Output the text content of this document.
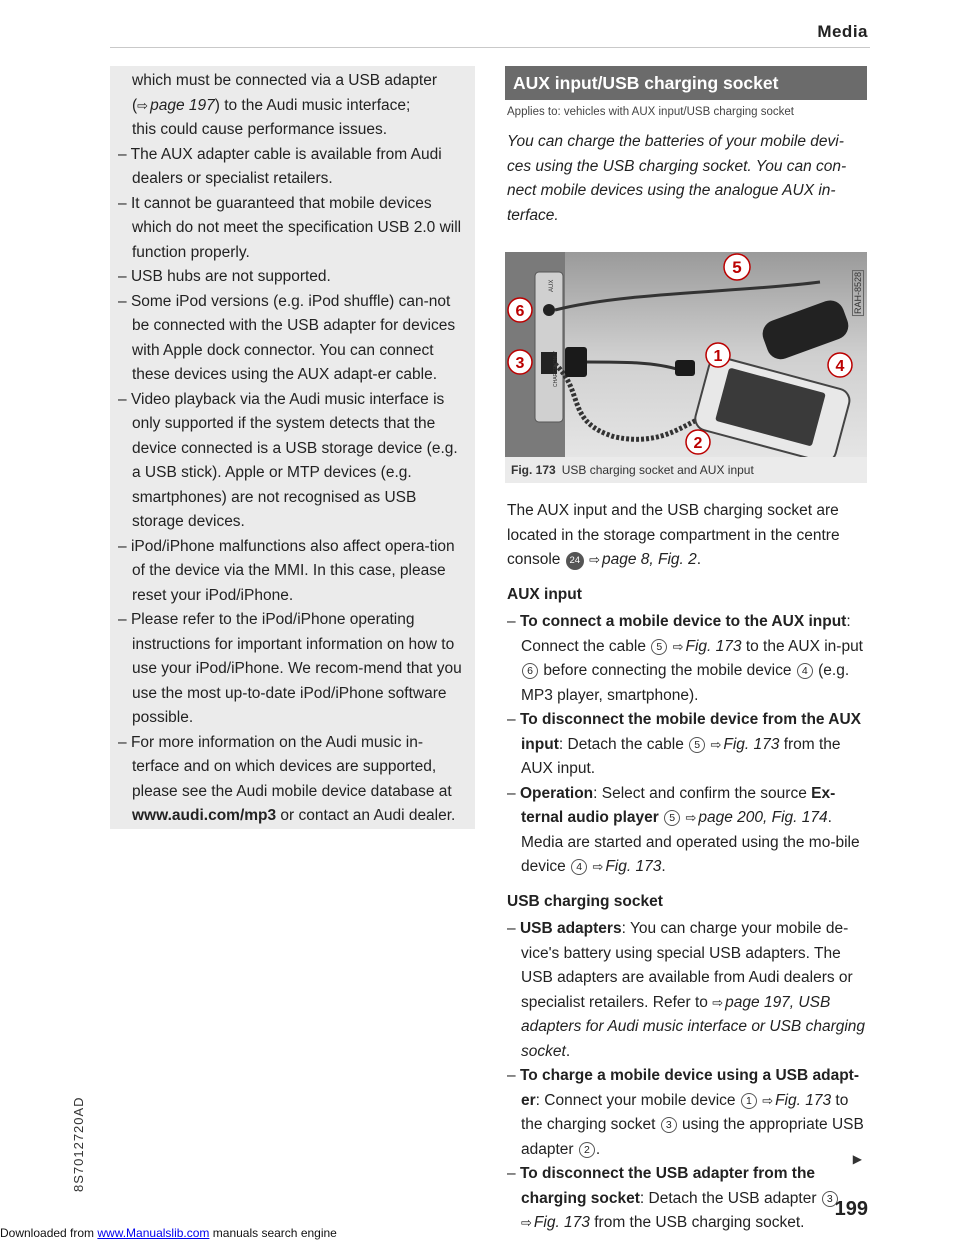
Media
8S7012720AD

which must be connected via a USB adapter
(⇨ page 197) to the Audi music interface;
this could cause performance issues.

– The AUX adapter cable is available from Audi dealers or specialist retailers.

– It cannot be guaranteed that mobile devices which do not meet the specification USB 2.0 will function properly.

– USB hubs are not supported.

– Some iPod versions (e.g. iPod shuffle) can-not be connected with the USB adapter for devices with Apple dock connector. You can connect these devices using the AUX adapt-er cable.

– Video playback via the Audi music interface is only supported if the system detects that the device connected is a USB storage device (e.g. a USB stick). Apple or MTP devices (e.g. smartphones) are not recognised as USB storage devices.

– iPod/iPhone malfunctions also affect opera-tion of the device via the MMI. In this case, please reset your iPod/iPhone.

– Please refer to the iPod/iPhone operating instructions for important information on how to use your iPod/iPhone. We recom-mend that you use the most up-to-date iPod/iPhone software possible.

– For more information on the Audi music in-terface and on which devices are supported, please see the Audi mobile device database at www.audi.com/mp3 or contact an Audi dealer.

AUX input/USB charging socket
Applies to: vehicles with AUX input/USB charging socket
You can charge the batteries of your mobile devi-ces using the USB charging socket. You can con-nect mobile devices using the analogue AUX in-terface.
AUX
CHARGE ONLY
5
6
3	1
4
2
RAH-8528
Fig. 173 USB charging socket and AUX input

The AUX input and the USB charging socket are located in the storage compartment in the centre console 24 ⇨ page 8, Fig. 2.

AUX input

– To connect a mobile device to the AUX input: Connect the cable 5 ⇨ Fig. 173 to the AUX in-put 6 before connecting the mobile device 4 (e.g. MP3 player, smartphone).

– To disconnect the mobile device from the AUX input: Detach the cable 5 ⇨ Fig. 173 from the AUX input.

– Operation: Select and confirm the source Ex-ternal audio player 5 ⇨ page 200, Fig. 174. Media are started and operated using the mo-bile device 4 ⇨ Fig. 173.

USB charging socket

– USB adapters: You can charge your mobile de-vice's battery using special USB adapters. The USB adapters are available from Audi dealers or specialist retailers. Refer to ⇨ page 197, USB adapters for Audi music interface or USB charging socket.

– To charge a mobile device using a USB adapt-er: Connect your mobile device 1 ⇨ Fig. 173 to the charging socket 3 using the appropriate USB adapter 2 .

– To disconnect the USB adapter from the charging socket: Detach the USB adapter 3 ⇨ Fig. 173 from the USB charging socket.

▶
199
Downloaded from www.Manualslib.com manuals search engine
